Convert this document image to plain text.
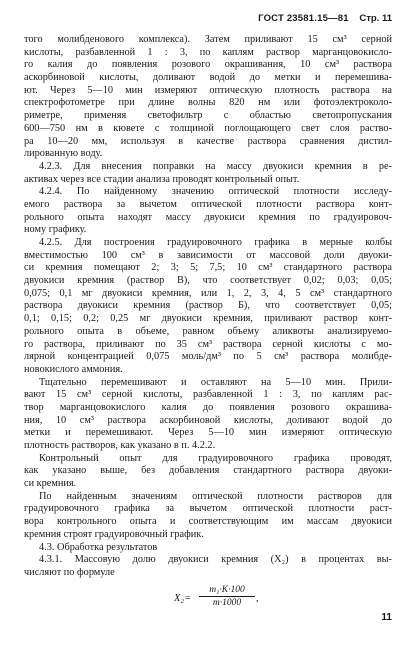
ГОСТ 23581.15—81 Стр. 11
того молибденового комплекса). Затем приливают 15 см³ серной
кислоты, разбавленной 1 : 3, по каплям раствор марганцовокисло-
го калия до появления розового окрашивания, 10 см³ раствора
аскорбиновой кислоты, доливают водой до метки и перемешива-
ют. Через 5—10 мин измеряют оптическую плотность раствора на
спектрофотометре при длине волны 820 нм или фотоэлектроколо-
риметре, применяя светофильтр с областью светопропускания
600—750 нм в кювете с толщиной поглощающего свет слоя раство-
ра 10—20 мм, используя в качестве раствора сравнения дистил-
лированную воду.
4.2.3. Для внесения поправки на массу двуокиси кремния в ре-
активах через все стадии анализа проводят контрольный опыт.
4.2.4. По найденному значению оптической плотности исследу-
емого раствора за вычетом оптической плотности раствора конт-
рольного опыта находят массу двуокиси кремния по градуировоч-
ному графику.
4.2.5. Для построения градуировочного графика в мерные колбы
вместимостью 100 см³ в зависимости от массовой доли двуоки-
си кремния помещают 2; 3; 5; 7,5; 10 см³ стандартного раствора
двуокиси кремния (раствор В), что соответствует 0,02; 0,03; 0,05;
0,075; 0,1 мг двуокиси кремния, или 1, 2, 3, 4, 5 см³ стандартного
раствора двуокиси кремния (раствор Б), что соответствует 0,05;
0,1; 0,15; 0,2; 0,25 мг двуокиси кремния, приливают раствор конт-
рольного опыта в объеме, равном объему аликвоты анализируемо-
го раствора, приливают по 35 см³ раствора серной кислоты с мо-
лярной концентрацией 0,075 моль/дм³ по 5 см³ раствора молибде-
новокислого аммония.
Тщательно перемешивают и оставляют на 5—10 мин. Прили-
вают 15 см³ серной кислоты, разбавленной 1 : 3, по каплям рас-
твор марганцовокислого калия до появления розового окрашива-
ния, 10 см³ раствора аскорбиновой кислоты, доливают водой до
метки и перемешивают. Через 5—10 мин измеряют оптическую
плотность растворов, как указано в п. 4.2.2.
Контрольный опыт для градуировочного графика проводят,
как указано выше, без добавления стандартного раствора двуоки-
си кремния.
По найденным значениям оптической плотности растворов для
градуировочного графика за вычетом оптической плотности раст-
вора контрольного опыта и соответствующим им массам двуокиси
кремния строят градуировочный график.
4.3. Обработка результатов
4.3.1. Массовую долю двуокиси кремния (X₂) в процентах вы-
числяют по формуле
$X_2= \frac{\text{m₁·K·100}}{m\cdot 1000}$ ,
11
